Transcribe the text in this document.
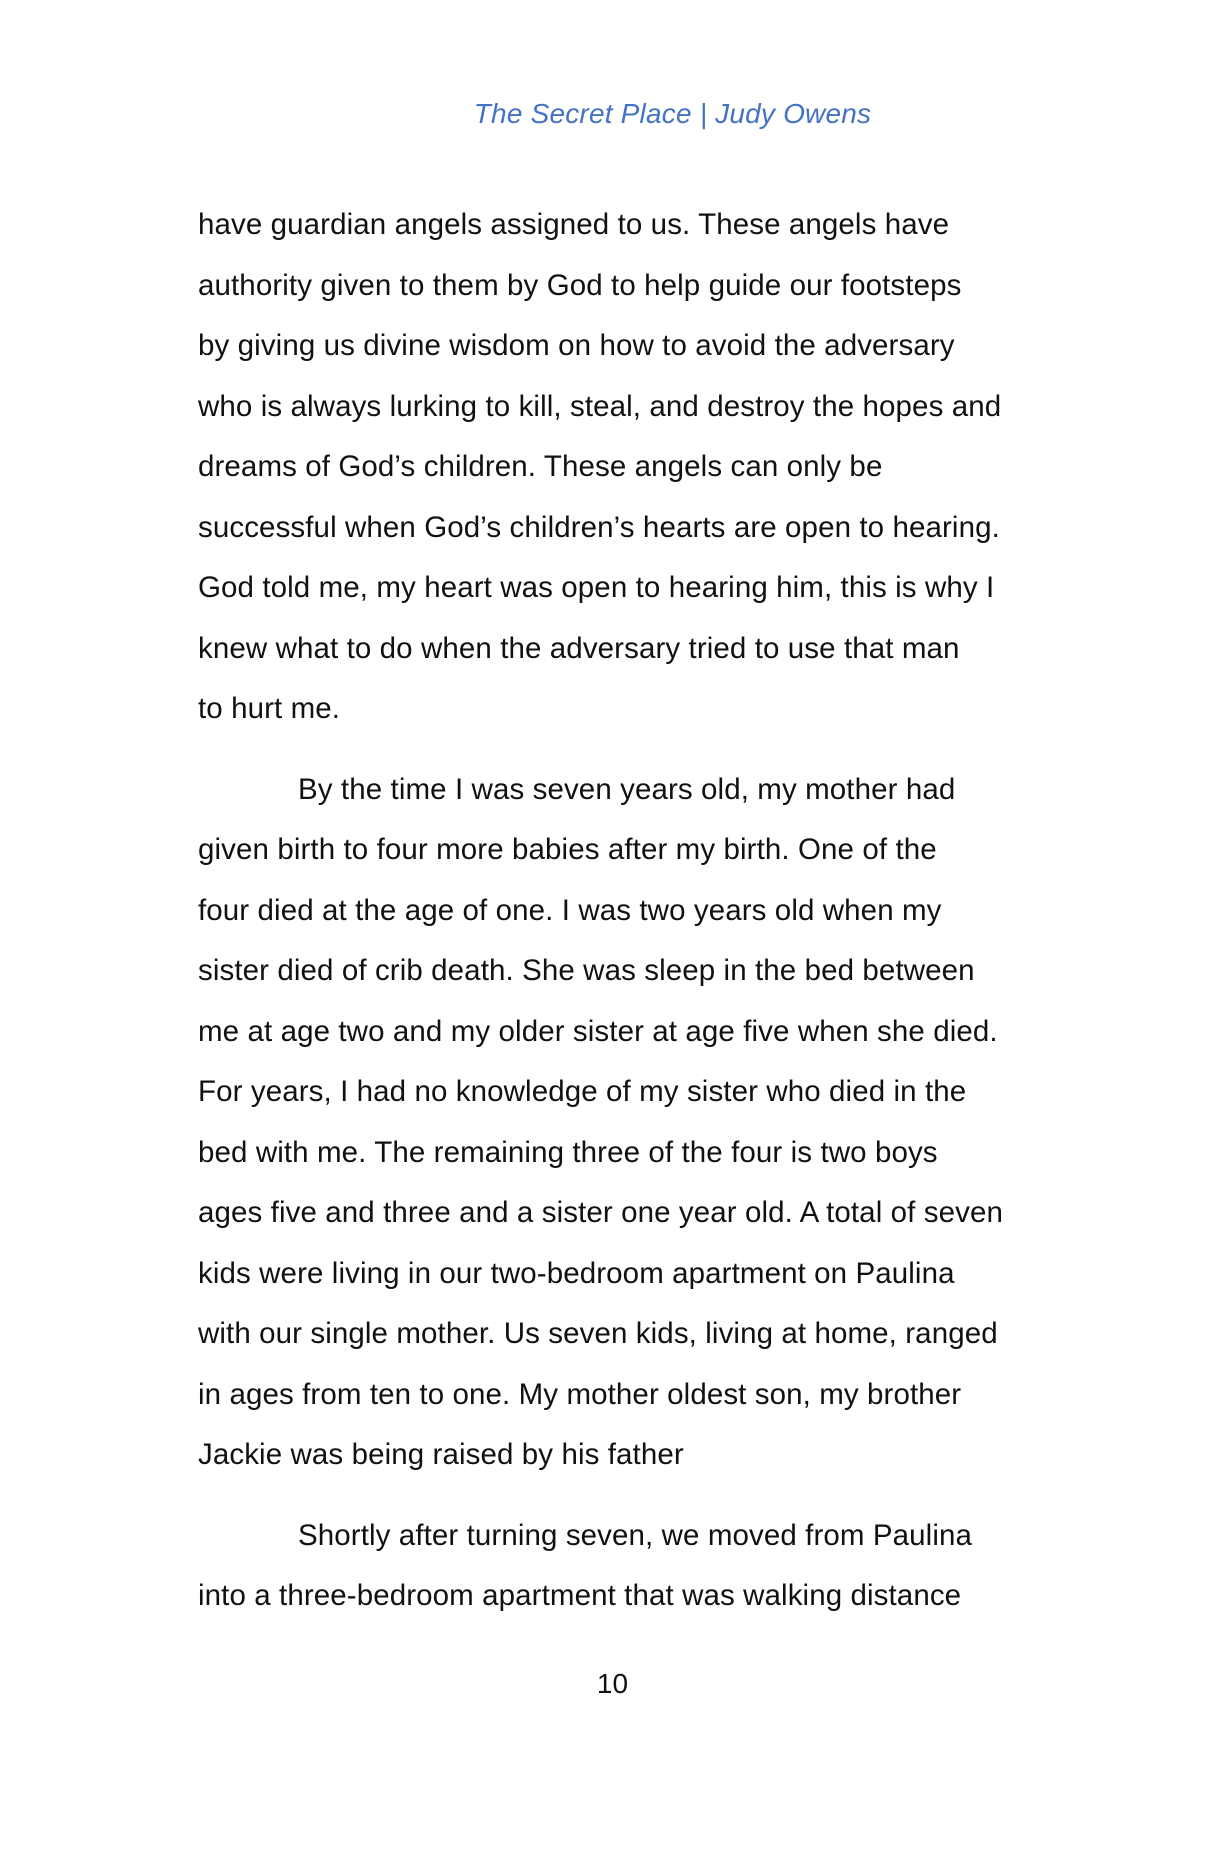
The Secret Place | Judy Owens
have guardian angels assigned to us. These angels have
authority given to them by God to help guide our footsteps
by giving us divine wisdom on how to avoid the adversary
who is always lurking to kill, steal, and destroy the hopes and
dreams of God’s children. These angels can only be
successful when God’s children’s hearts are open to hearing.
God told me, my heart was open to hearing him, this is why I
knew what to do when the adversary tried to use that man
to hurt me.
By the time I was seven years old, my mother had
given birth to four more babies after my birth. One of the
four died at the age of one. I was two years old when my
sister died of crib death. She was sleep in the bed between
me at age two and my older sister at age five when she died.
For years, I had no knowledge of my sister who died in the
bed with me. The remaining three of the four is two boys
ages five and three and a sister one year old. A total of seven
kids were living in our two-bedroom apartment on Paulina
with our single mother. Us seven kids, living at home, ranged
in ages from ten to one. My mother oldest son, my brother
Jackie was being raised by his father
Shortly after turning seven, we moved from Paulina
into a three-bedroom apartment that was walking distance
10
